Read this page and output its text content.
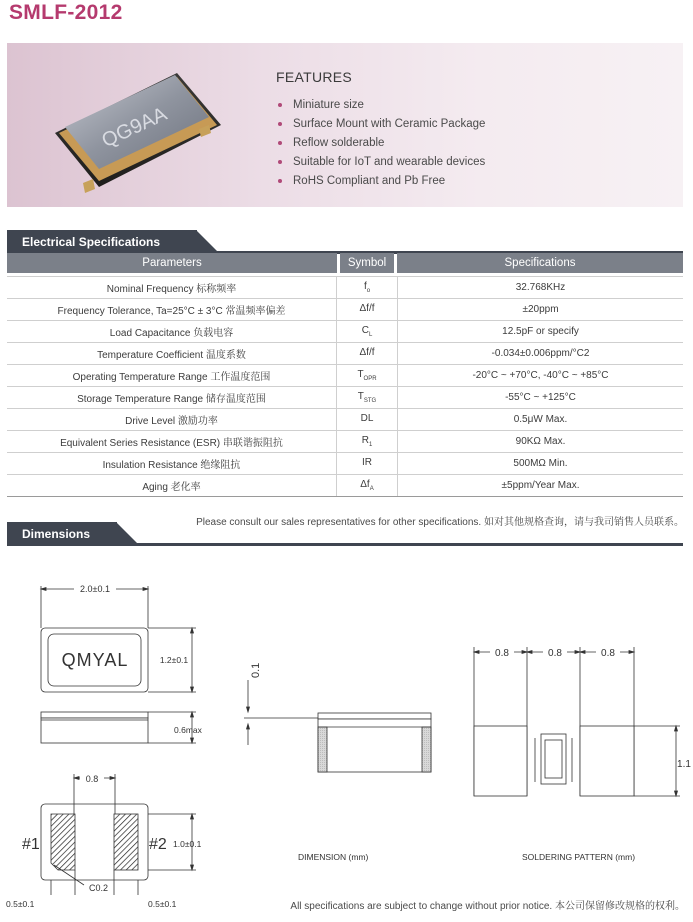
SMLF-2012
QG9AA
FEATURES
Miniature size
Surface Mount with Ceramic Package
Reflow solderable
Suitable for IoT and wearable devices
RoHS Compliant and Pb Free
Electrical Specifications
Parameters	Symbol	Specifications
Nominal Frequency 标称频率	$f_o$	32.768KHz
Frequency Tolerance, Ta=25°C ± 3°C 常温频率偏差	Δf/f	±20ppm
Load Capacitance 负载电容	$C_L$	12.5pF or specify
Temperature Coefficient 温度系数	Δf/f	-0.034±0.006ppm/°C2
Operating Temperature Range 工作温度范围	$T_{OPR}$	-20°C ~ +70°C, -40°C ~ +85°C
Storage Temperature Range 储存温度范围	$T_{STG}$	-55°C ~ +125°C
Drive Level 激励功率	DL	0.5μW Max.
Equivalent Series Resistance (ESR) 串联谐振阻抗	$R_1$	90KΩ Max.
Insulation Resistance 绝缘阻抗	IR	500MΩ Min.
Aging 老化率	$\Delta f_A$	±5ppm/Year Max.

Please consult our sales representatives for other specifications. 如对其他规格查询，请与我司销售人员联系。

Dimensions
2.0±0.1
1.2±0.1
QMYAL
0.6max
0.8
#1	#2 1.0±0.1
C0.2
0.1
0.8	0.8	0.8
1.1
DIMENSION (mm)	SOLDERING PATTERN (mm)
0.5±0.1	0.5±0.1	All specifications are subject to change without prior notice. 本公司保留修改规格的权利。
